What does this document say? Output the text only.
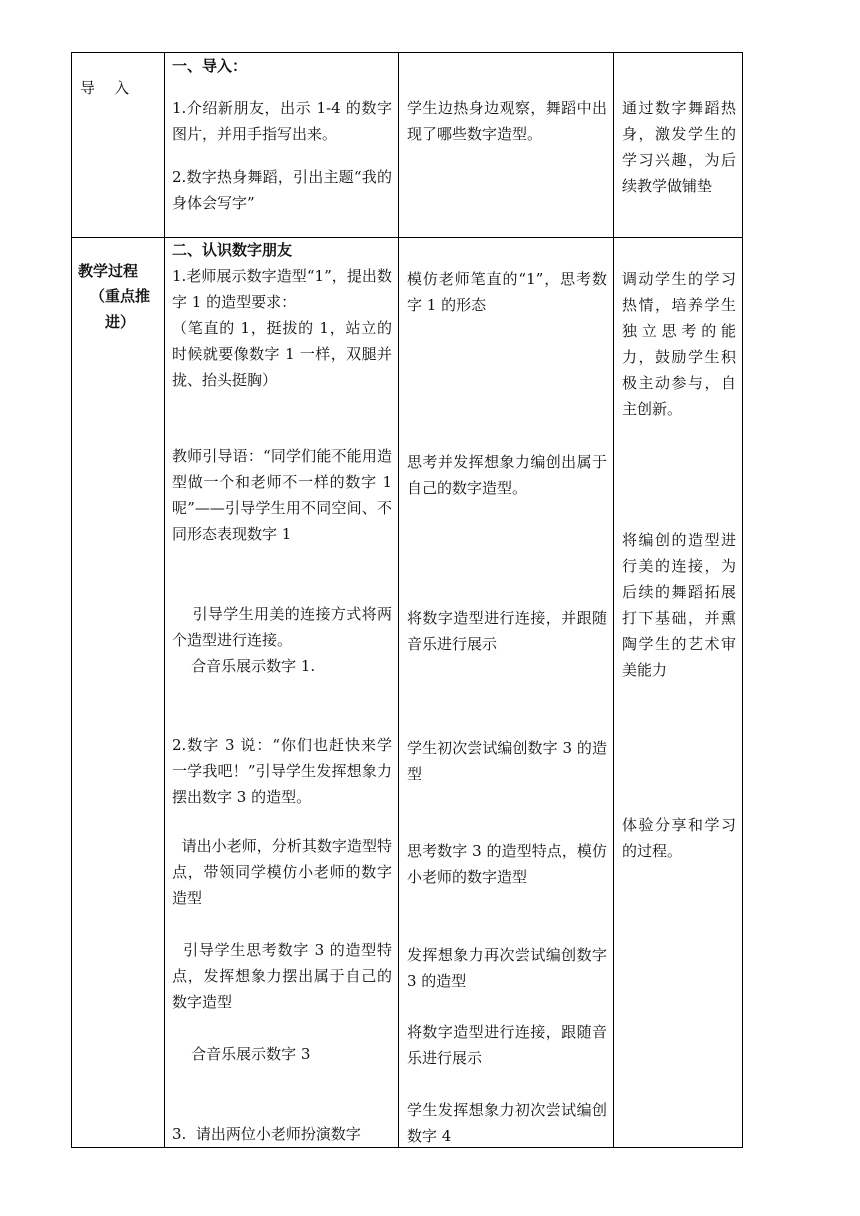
导    入
一、导入：
1.介绍新朋友，出示 1-4 的数字图片，并用手指写出来。
2.数字热身舞蹈，引出主题“我的身体会写字”
学生边热身边观察，舞蹈中出现了哪些数字造型。
通过数字舞蹈热身，激发学生的学习兴趣，为后续教学做铺垫
教学过程
（重点推进）
二、认识数字朋友
1.老师展示数字造型“1”，提出数字 1 的造型要求：
（笔直的 1，挺拔的 1，站立的时候就要像数字 1 一样，双腿并拢、抬头挺胸）
教师引导语：“同学们能不能用造型做一个和老师不一样的数字 1 呢”——引导学生用不同空间、不同形态表现数字 1
引导学生用美的连接方式将两个造型进行连接。
合音乐展示数字 1.
2.数字 3 说：“你们也赶快来学一学我吧！”引导学生发挥想象力摆出数字 3 的造型。
请出小老师，分析其数字造型特点，带领同学模仿小老师的数字造型
引导学生思考数字 3 的造型特点，发挥想象力摆出属于自己的数字造型
合音乐展示数字 3
3.  请出两位小老师扮演数字
模仿老师笔直的“1”，思考数字 1 的形态
思考并发挥想象力编创出属于自己的数字造型。
将数字造型进行连接，并跟随音乐进行展示
学生初次尝试编创数字 3 的造型
思考数字 3 的造型特点，模仿小老师的数字造型
发挥想象力再次尝试编创数字 3 的造型
将数字造型进行连接，跟随音乐进行展示
学生发挥想象力初次尝试编创数字 4
调动学生的学习热情，培养学生独立思考的能力，鼓励学生积极主动参与，自主创新。
将编创的造型进行美的连接，为后续的舞蹈拓展打下基础，并熏陶学生的艺术审美能力
体验分享和学习的过程。
